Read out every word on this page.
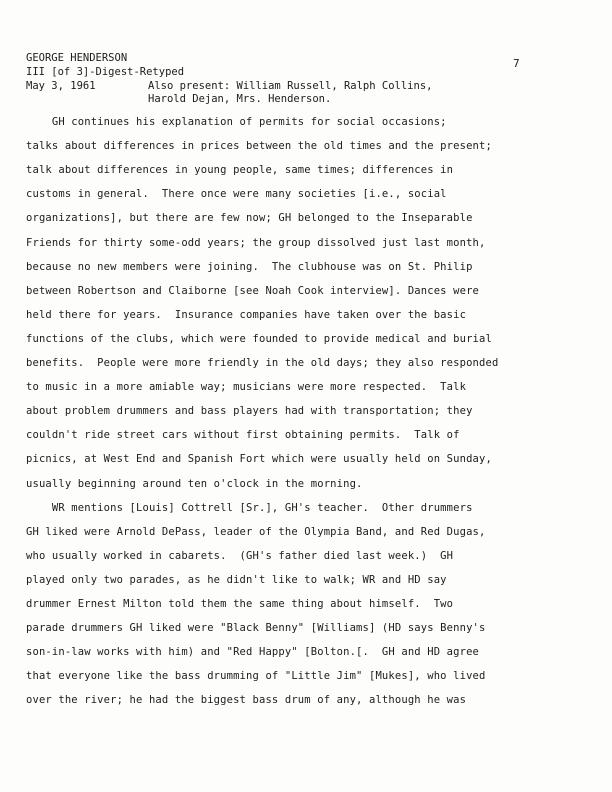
GEORGE HENDERSON
III [of 3]-Digest-Retyped
May 3, 1961	Also present: William Russell, Ralph Collins,
Harold Dejan, Mrs. Henderson.
7
GH continues his explanation of permits for social occasions;
talks about differences in prices between the old times and the present;
talk about differences in young people, same times; differences in
customs in general.  There once were many societies [i.e., social
organizations], but there are few now; GH belonged to the Inseparable
Friends for thirty some-odd years; the group dissolved just last month,
because no new members were joining.  The clubhouse was on St. Philip
between Robertson and Claiborne [see Noah Cook interview]. Dances were
held there for years.  Insurance companies have taken over the basic
functions of the clubs, which were founded to provide medical and burial
benefits.  People were more friendly in the old days; they also responded
to music in a more amiable way; musicians were more respected.  Talk
about problem drummers and bass players had with transportation; they
couldn't ride street cars without first obtaining permits.  Talk of
picnics, at West End and Spanish Fort which were usually held on Sunday,
usually beginning around ten o'clock in the morning.
WR mentions [Louis] Cottrell [Sr.], GH's teacher.  Other drummers
GH liked were Arnold DePass, leader of the Olympia Band, and Red Dugas,
who usually worked in cabarets.  (GH's father died last week.)  GH
played only two parades, as he didn't like to walk; WR and HD say
drummer Ernest Milton told them the same thing about himself.  Two
parade drummers GH liked were "Black Benny" [Williams] (HD says Benny's
son-in-law works with him) and "Red Happy" [Bolton.[.  GH and HD agree
that everyone like the bass drumming of "Little Jim" [Mukes], who lived
over the river; he had the biggest bass drum of any, although he was
